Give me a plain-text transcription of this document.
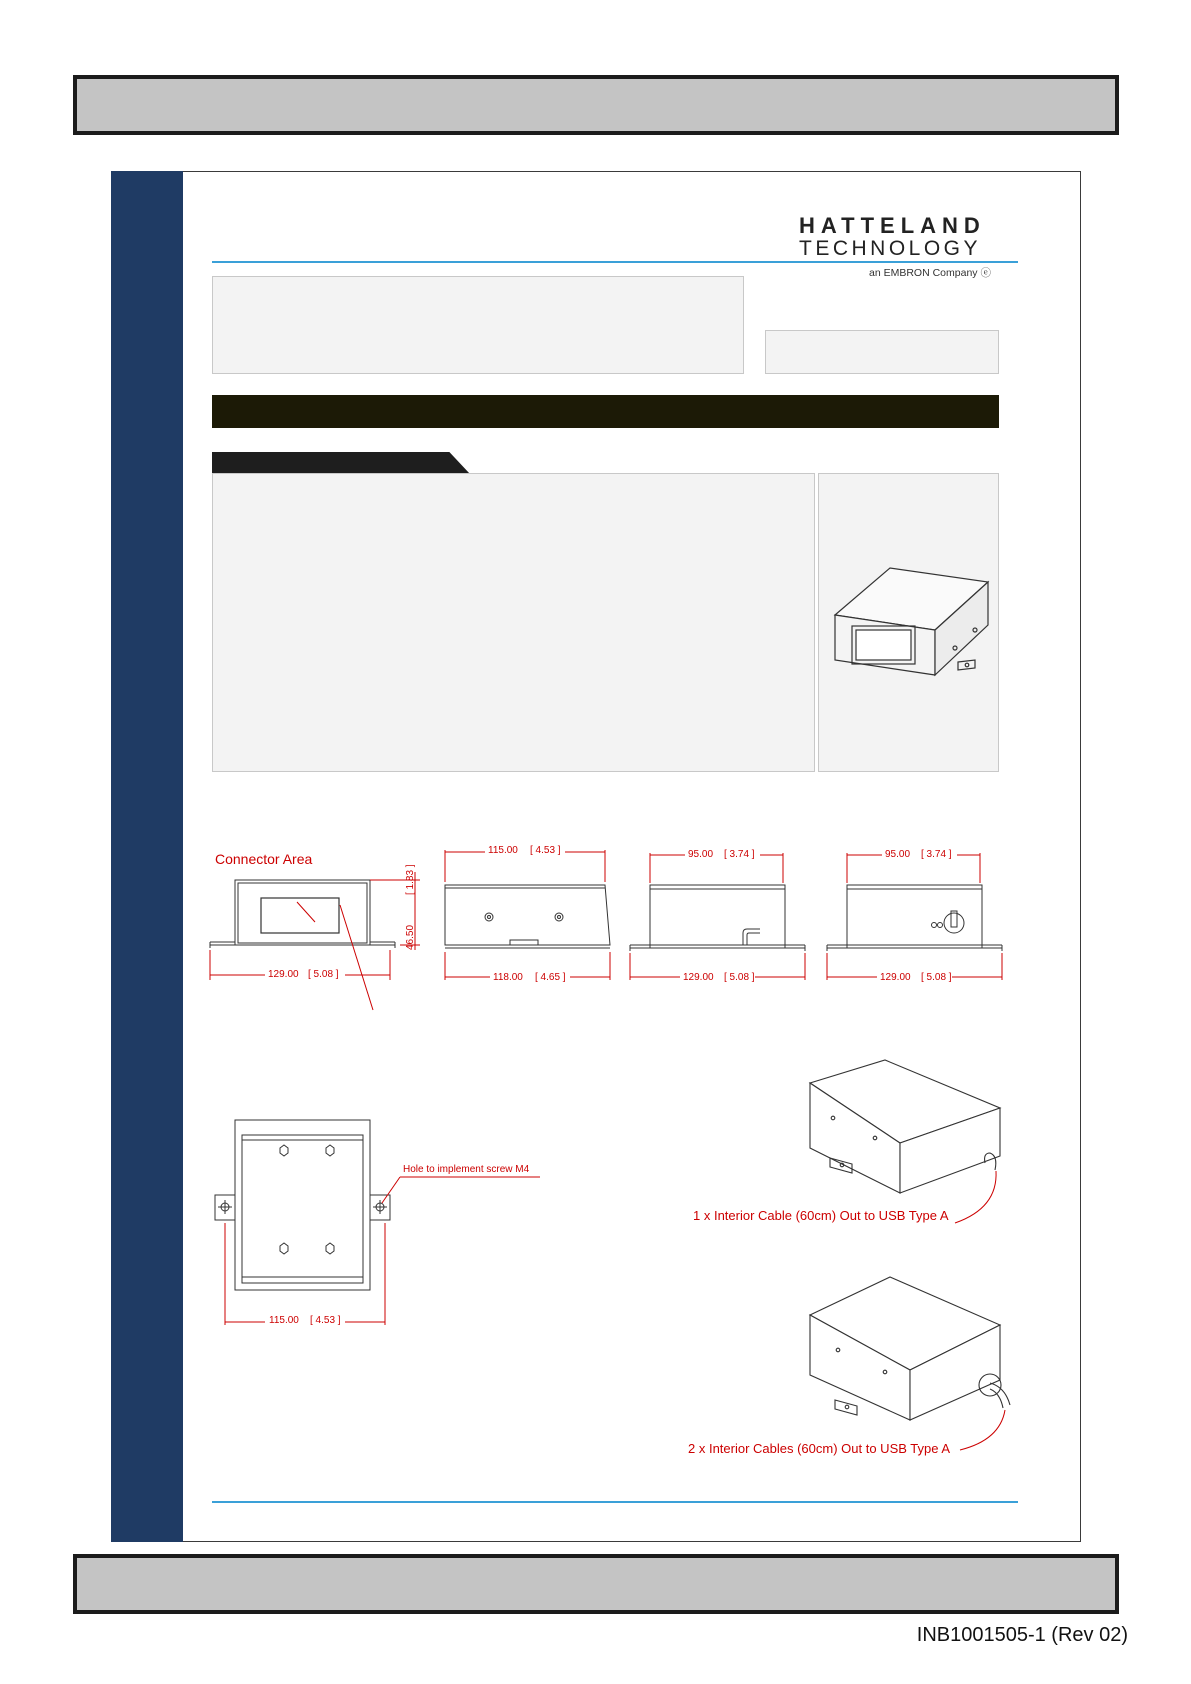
HATTELAND
TECHNOLOGY
an EMBRON Company ⓔ
Connector Area
129.00 [ 5.08 ]
[ 1.83 ]
46.50
115.00 [ 4.53 ]
118.00 [ 4.65 ]
95.00 [ 3.74 ]
129.00 [ 5.08 ]
95.00 [ 3.74 ]
129.00 [ 5.08 ]
Hole to implement screw M4
115.00 [ 4.53 ]
1 x Interior Cable (60cm) Out to USB Type A
2 x Interior Cables (60cm) Out to USB Type A
INB1001505-1 (Rev 02)
